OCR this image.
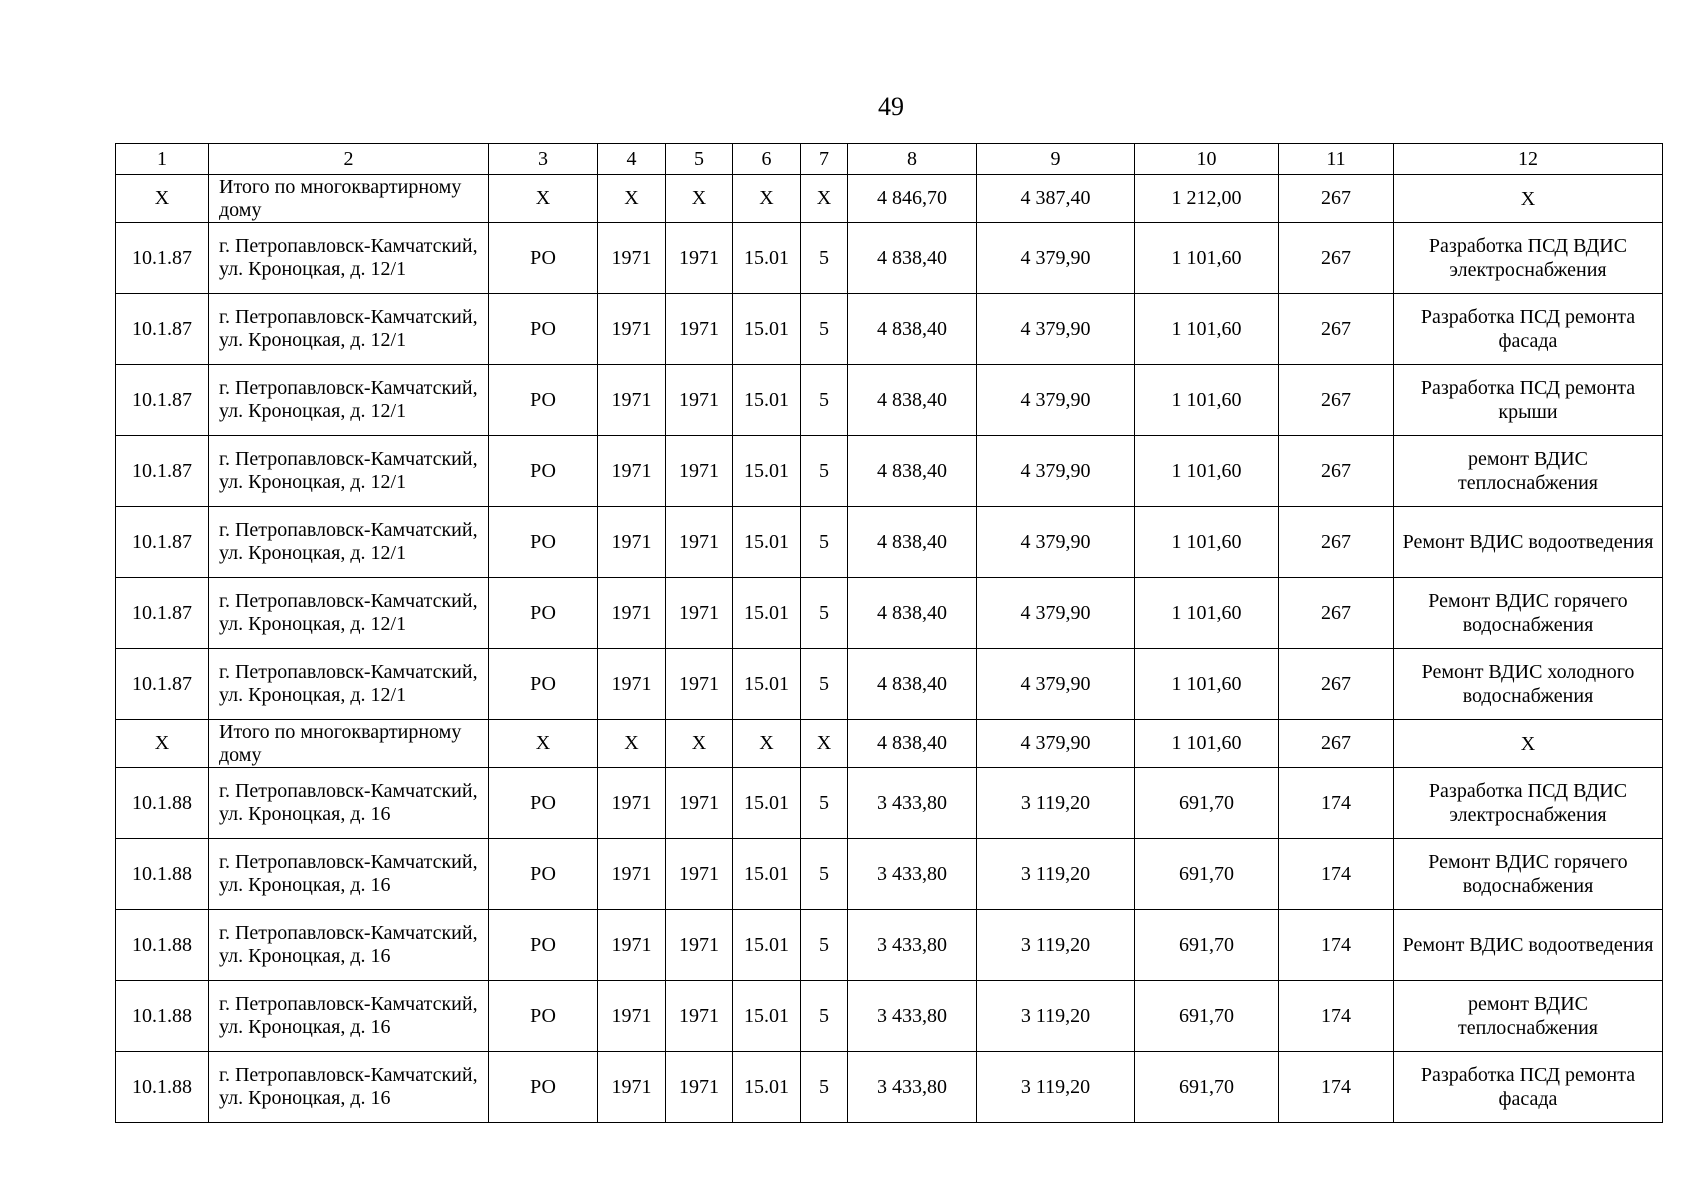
49
1	2	3	4	5	6	7	8	9	10	11	12
Х	Итого по многоквартирному дому	Х	Х	Х	Х	Х	4 846,70	4 387,40	1 212,00	267	Х
10.1.87	г. Петропавловск-Камчатский, ул. Кроноцкая, д. 12/1	РО	1971	1971	15.01	5	4 838,40	4 379,90	1 101,60	267	Разработка ПСД ВДИС электроснабжения
10.1.87	г. Петропавловск-Камчатский, ул. Кроноцкая, д. 12/1	РО	1971	1971	15.01	5	4 838,40	4 379,90	1 101,60	267	Разработка ПСД ремонта фасада
10.1.87	г. Петропавловск-Камчатский, ул. Кроноцкая, д. 12/1	РО	1971	1971	15.01	5	4 838,40	4 379,90	1 101,60	267	Разработка ПСД ремонта крыши
10.1.87	г. Петропавловск-Камчатский, ул. Кроноцкая, д. 12/1	РО	1971	1971	15.01	5	4 838,40	4 379,90	1 101,60	267	ремонт ВДИС теплоснабжения
10.1.87	г. Петропавловск-Камчатский, ул. Кроноцкая, д. 12/1	РО	1971	1971	15.01	5	4 838,40	4 379,90	1 101,60	267	Ремонт ВДИС водоотведения
10.1.87	г. Петропавловск-Камчатский, ул. Кроноцкая, д. 12/1	РО	1971	1971	15.01	5	4 838,40	4 379,90	1 101,60	267	Ремонт ВДИС горячего водоснабжения
10.1.87	г. Петропавловск-Камчатский, ул. Кроноцкая, д. 12/1	РО	1971	1971	15.01	5	4 838,40	4 379,90	1 101,60	267	Ремонт ВДИС холодного водоснабжения
Х	Итого по многоквартирному дому	Х	Х	Х	Х	Х	4 838,40	4 379,90	1 101,60	267	Х
10.1.88	г. Петропавловск-Камчатский, ул. Кроноцкая, д. 16	РО	1971	1971	15.01	5	3 433,80	3 119,20	691,70	174	Разработка ПСД ВДИС электроснабжения
10.1.88	г. Петропавловск-Камчатский, ул. Кроноцкая, д. 16	РО	1971	1971	15.01	5	3 433,80	3 119,20	691,70	174	Ремонт ВДИС горячего водоснабжения
10.1.88	г. Петропавловск-Камчатский, ул. Кроноцкая, д. 16	РО	1971	1971	15.01	5	3 433,80	3 119,20	691,70	174	Ремонт ВДИС водоотведения
10.1.88	г. Петропавловск-Камчатский, ул. Кроноцкая, д. 16	РО	1971	1971	15.01	5	3 433,80	3 119,20	691,70	174	ремонт ВДИС теплоснабжения
10.1.88	г. Петропавловск-Камчатский, ул. Кроноцкая, д. 16	РО	1971	1971	15.01	5	3 433,80	3 119,20	691,70	174	Разработка ПСД ремонта фасада
